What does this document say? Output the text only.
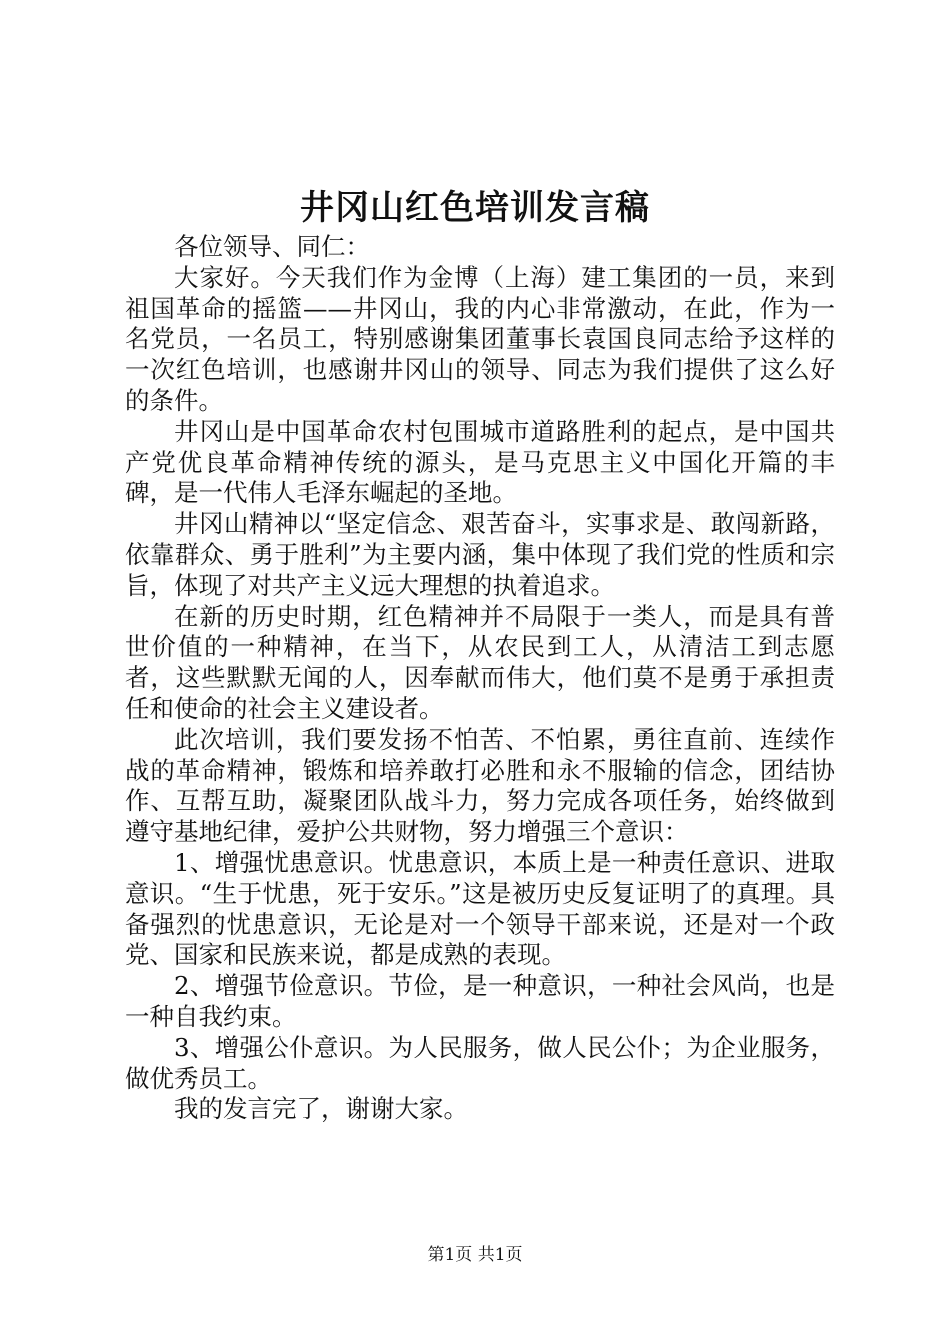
井冈山红色培训发言稿

各位领导、同仁：

大家好。今天我们作为金博（上海）建工集团的一员，来到祖国革命的摇篮——井冈山，我的内心非常激动，在此，作为一名党员，一名员工，特别感谢集团董事长袁国良同志给予这样的一次红色培训，也感谢井冈山的领导、同志为我们提供了这么好的条件。

井冈山是中国革命农村包围城市道路胜利的起点，是中国共产党优良革命精神传统的源头，是马克思主义中国化开篇的丰碑，是一代伟人毛泽东崛起的圣地。

井冈山精神以“坚定信念、艰苦奋斗，实事求是、敢闯新路，依靠群众、勇于胜利”为主要内涵，集中体现了我们党的性质和宗旨，体现了对共产主义远大理想的执着追求。

在新的历史时期，红色精神并不局限于一类人，而是具有普世价值的一种精神，在当下，从农民到工人，从清洁工到志愿者，这些默默无闻的人，因奉献而伟大，他们莫不是勇于承担责任和使命的社会主义建设者。

此次培训，我们要发扬不怕苦、不怕累，勇往直前、连续作战的革命精神，锻炼和培养敢打必胜和永不服输的信念，团结协作、互帮互助，凝聚团队战斗力，努力完成各项任务，始终做到遵守基地纪律，爱护公共财物，努力增强三个意识：

1、增强忧患意识。忧患意识，本质上是一种责任意识、进取意识。“生于忧患，死于安乐。”这是被历史反复证明了的真理。具备强烈的忧患意识，无论是对一个领导干部来说，还是对一个政党、国家和民族来说，都是成熟的表现。

2、增强节俭意识。节俭，是一种意识，一种社会风尚，也是一种自我约束。

3、增强公仆意识。为人民服务，做人民公仆；为企业服务，做优秀员工。

我的发言完了，谢谢大家。

第1页 共1页
